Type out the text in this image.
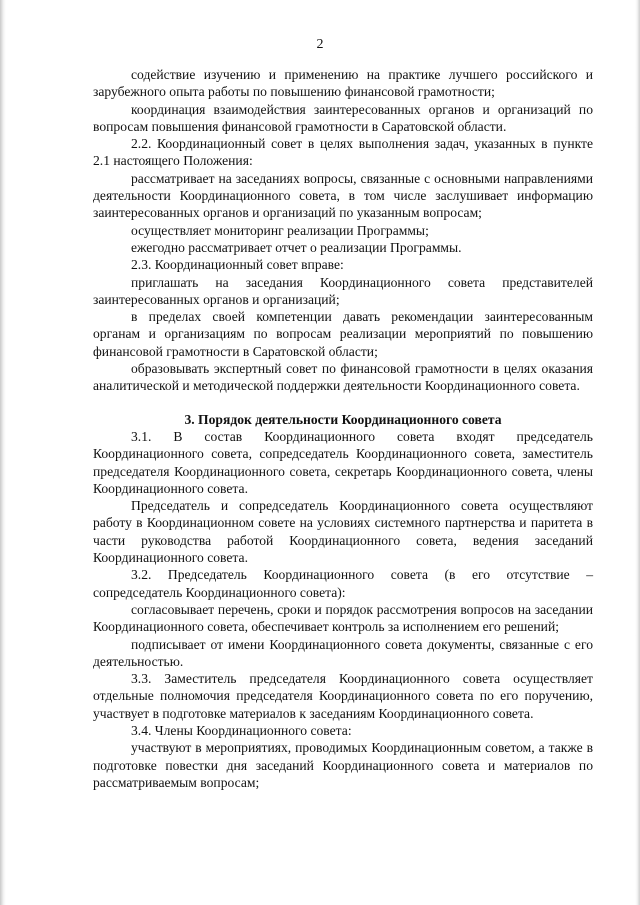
2

содействие изучению и применению на практике лучшего российского и зарубежного опыта работы по повышению финансовой грамотности;

координация взаимодействия заинтересованных органов и организаций по вопросам повышения финансовой грамотности в Саратовской области.

2.2. Координационный совет в целях выполнения задач, указанных в пункте 2.1 настоящего Положения:

рассматривает на заседаниях вопросы, связанные с основными направлениями деятельности Координационного совета, в том числе заслушивает информацию заинтересованных органов и организаций по указанным вопросам;

осуществляет мониторинг реализации Программы;

ежегодно рассматривает отчет о реализации Программы.

2.3. Координационный совет вправе:

приглашать на заседания Координационного совета представителей заинтересованных органов и организаций;

в пределах своей компетенции давать рекомендации заинтересованным органам и организациям по вопросам реализации мероприятий по повышению финансовой грамотности в Саратовской области;

образовывать экспертный совет по финансовой грамотности в целях оказания аналитической и методической поддержки деятельности Координационного совета.

3. Порядок деятельности Координационного совета

3.1. В состав Координационного совета входят председатель Координационного совета, сопредседатель Координационного совета, заместитель председателя Координационного совета, секретарь Координационного совета, члены Координационного совета.

Председатель и сопредседатель Координационного совета осуществляют работу в Координационном совете на условиях системного партнерства и паритета в части руководства работой Координационного совета, ведения заседаний Координационного совета.

3.2. Председатель Координационного совета (в его отсутствие – сопредседатель Координационного совета):

согласовывает перечень, сроки и порядок рассмотрения вопросов на заседании Координационного совета, обеспечивает контроль за исполнением его решений;

подписывает от имени Координационного совета документы, связанные с его деятельностью.

3.3. Заместитель председателя Координационного совета осуществляет отдельные полномочия председателя Координационного совета по его поручению, участвует в подготовке материалов к заседаниям Координационного совета.

3.4. Члены Координационного совета:

участвуют в мероприятиях, проводимых Координационным советом, а также в подготовке повестки дня заседаний Координационного совета и материалов по рассматриваемым вопросам;
